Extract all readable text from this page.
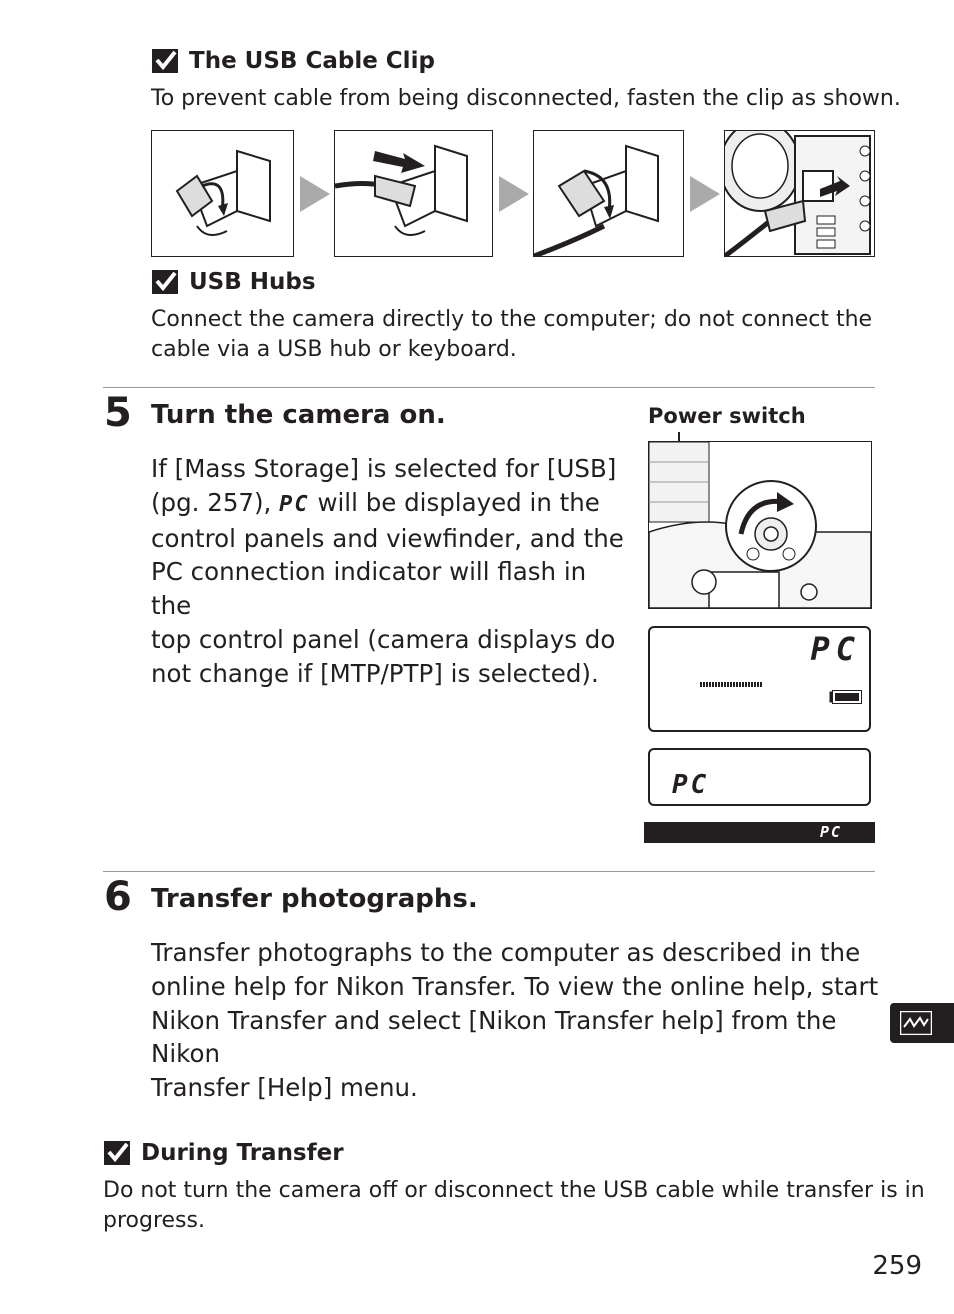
The USB Cable Clip
To prevent cable from being disconnected, fasten the clip as shown.
USB Hubs
Connect the camera directly to the computer; do not connect the
cable via a USB hub or keyboard.
5 Turn the camera on.
If [Mass Storage] is selected for [USB]
(pg. 257), PC will be displayed in the
control panels and viewfinder, and the
PC connection indicator will flash in the
top control panel (camera displays do
not change if [MTP/PTP] is selected).
Power switch
PC
PC
PC
6 Transfer photographs.
Transfer photographs to the computer as described in the
online help for Nikon Transfer. To view the online help, start
Nikon Transfer and select [Nikon Transfer help] from the Nikon
Transfer [Help] menu.
During Transfer
Do not turn the camera off or disconnect the USB cable while transfer is in
progress.
259
